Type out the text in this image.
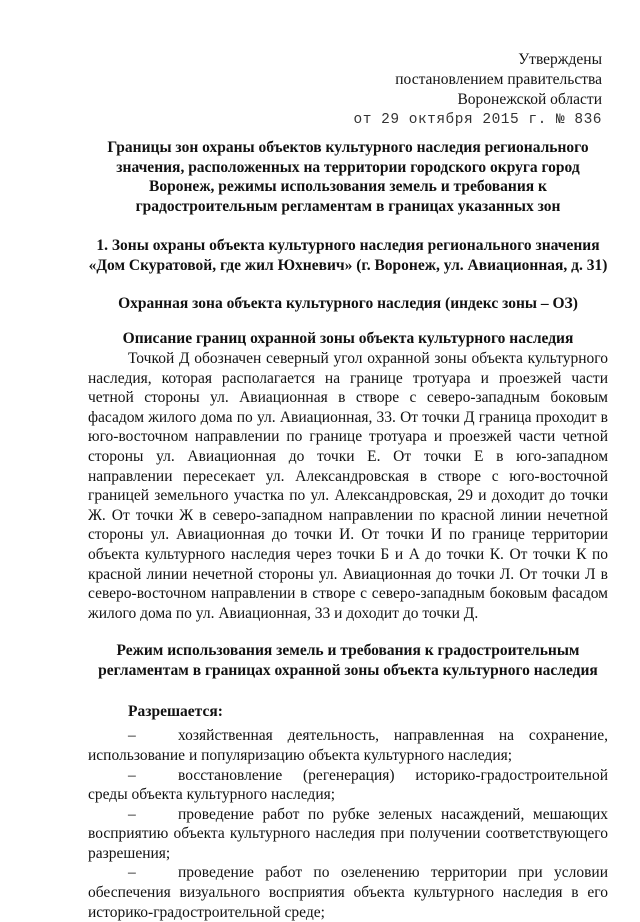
Утверждены
постановлением правительства
Воронежской области
от 29 октября 2015 г. № 836
Границы зон охраны объектов культурного наследия регионального значения, расположенных на территории городского округа город Воронеж, режимы использования земель и требования к градостроительным регламентам в границах указанных зон
1. Зоны охраны объекта культурного наследия регионального значения «Дом Скуратовой, где жил Юхневич» (г. Воронеж, ул. Авиационная, д. 31)
Охранная зона объекта культурного наследия (индекс зоны – ОЗ)
Описание границ охранной зоны объекта культурного наследия
Точкой Д обозначен северный угол охранной зоны объекта культурного наследия, которая располагается на границе тротуара и проезжей части четной стороны ул. Авиационная в створе с северо-западным боковым фасадом жилого дома по ул. Авиационная, 33. От точки Д граница проходит в юго-восточном направлении по границе тротуара и проезжей части четной стороны ул. Авиационная до точки Е. От точки Е в юго-западном направлении пересекает ул. Александровская в створе с юго-восточной границей земельного участка по ул. Александровская, 29 и доходит до точки Ж. От точки Ж в северо-западном направлении по красной линии нечетной стороны ул. Авиационная до точки И. От точки И по границе территории объекта культурного наследия через точки Б и А до точки К. От точки К по красной линии нечетной стороны ул. Авиационная до точки Л. От точки Л в северо-восточном направлении в створе с северо-западным боковым фасадом жилого дома по ул. Авиационная, 33 и доходит до точки Д.
Режим использования земель и требования к градостроительным регламентам в границах охранной зоны объекта культурного наследия
Разрешается:
–	хозяйственная деятельность, направленная на сохранение, использование и популяризацию объекта культурного наследия;
–	восстановление (регенерация) историко-градостроительной среды объекта культурного наследия;
–	проведение работ по рубке зеленых насаждений, мешающих восприятию объекта культурного наследия при получении соответствующего разрешения;
–	проведение работ по озеленению территории при условии обеспечения визуального восприятия объекта культурного наследия в его историко-градостроительной среде;
